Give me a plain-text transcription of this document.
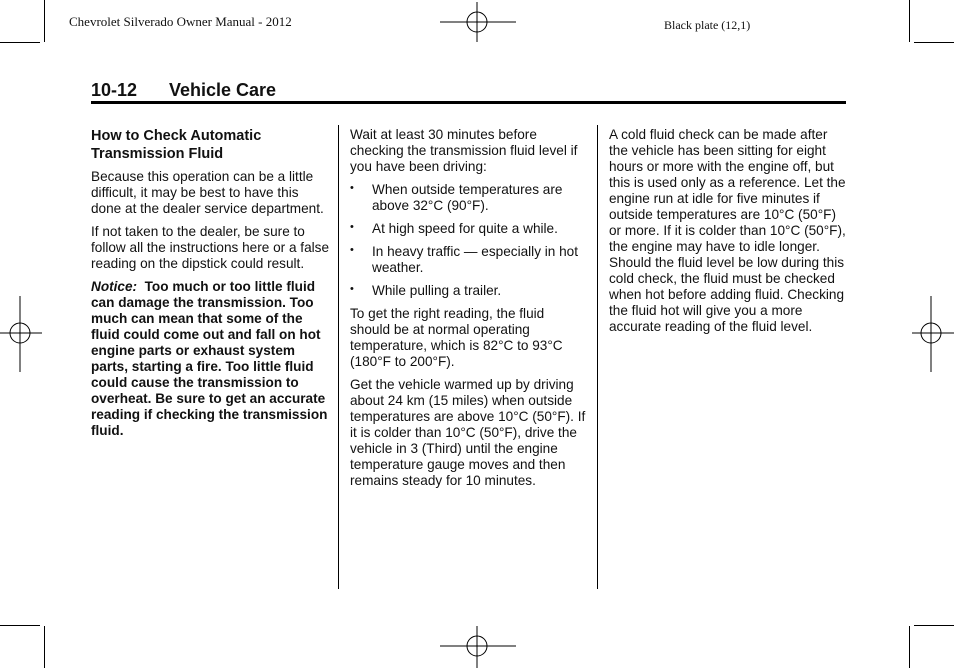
Chevrolet Silverado Owner Manual - 2012	Black plate (12,1)
10-12 Vehicle Care
How to Check Automatic Transmission Fluid

Because this operation can be a little difficult, it may be best to have this done at the dealer service department.

If not taken to the dealer, be sure to follow all the instructions here or a false reading on the dipstick could result.

Notice: Too much or too little fluid can damage the transmission. Too much can mean that some of the fluid could come out and fall on hot engine parts or exhaust system parts, starting a fire. Too little fluid could cause the transmission to overheat. Be sure to get an accurate reading if checking the transmission fluid.

Wait at least 30 minutes before checking the transmission fluid level if you have been driving:

• When outside temperatures are above 32°C (90°F).
• At high speed for quite a while.
• In heavy traffic — especially in hot weather.
• While pulling a trailer.

To get the right reading, the fluid should be at normal operating temperature, which is 82°C to 93°C (180°F to 200°F).

Get the vehicle warmed up by driving about 24 km (15 miles) when outside temperatures are above 10°C (50°F). If it is colder than 10°C (50°F), drive the vehicle in 3 (Third) until the engine temperature gauge moves and then remains steady for 10 minutes.

A cold fluid check can be made after the vehicle has been sitting for eight hours or more with the engine off, but this is used only as a reference. Let the engine run at idle for five minutes if outside temperatures are 10°C (50°F) or more. If it is colder than 10°C (50°F), the engine may have to idle longer. Should the fluid level be low during this cold check, the fluid must be checked when hot before adding fluid. Checking the fluid hot will give you a more accurate reading of the fluid level.
